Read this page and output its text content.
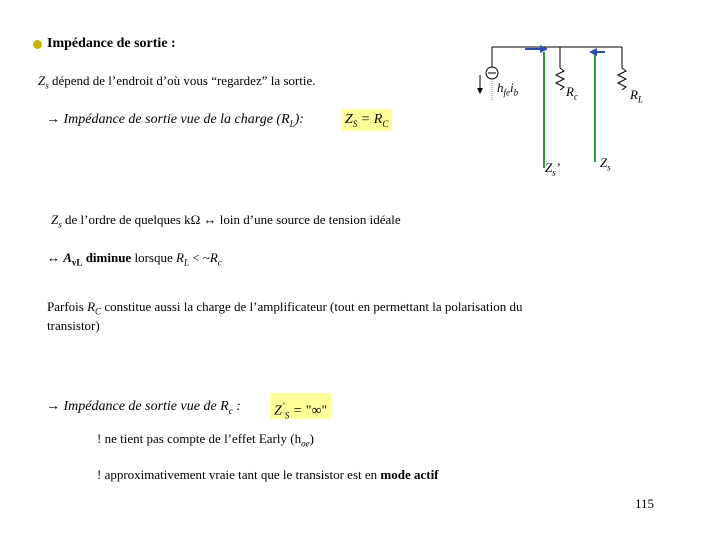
Impédance de sortie :
$Z_s$ dépend de l’endroit d’où vous “regardez” la sortie.
→ Impédance de sortie vue de la charge $(R_L)$:	$Z_S = R_C$
$h_{fe}i_b$	$R_c$	$R_L$
$Z_s$’	$Z_s$
$Z_s$ de l’ordre de quelques kΩ ↔ loin d’une source de tension idéale
↔ $A_{vL}$ diminue lorsque $R_L$ < $\sim R_c$
Parfois $R_C$ constitue aussi la charge de l’amplificateur (tout en permettant la polarisation du
transistor)
→ Impédance de sortie vue de $R_c$ : $Z^’_S$ = "∞"
! ne tient pas compte de l’effet Early $(h_{oe})$
! approximativement vraie tant que le transistor est en mode actif
115
